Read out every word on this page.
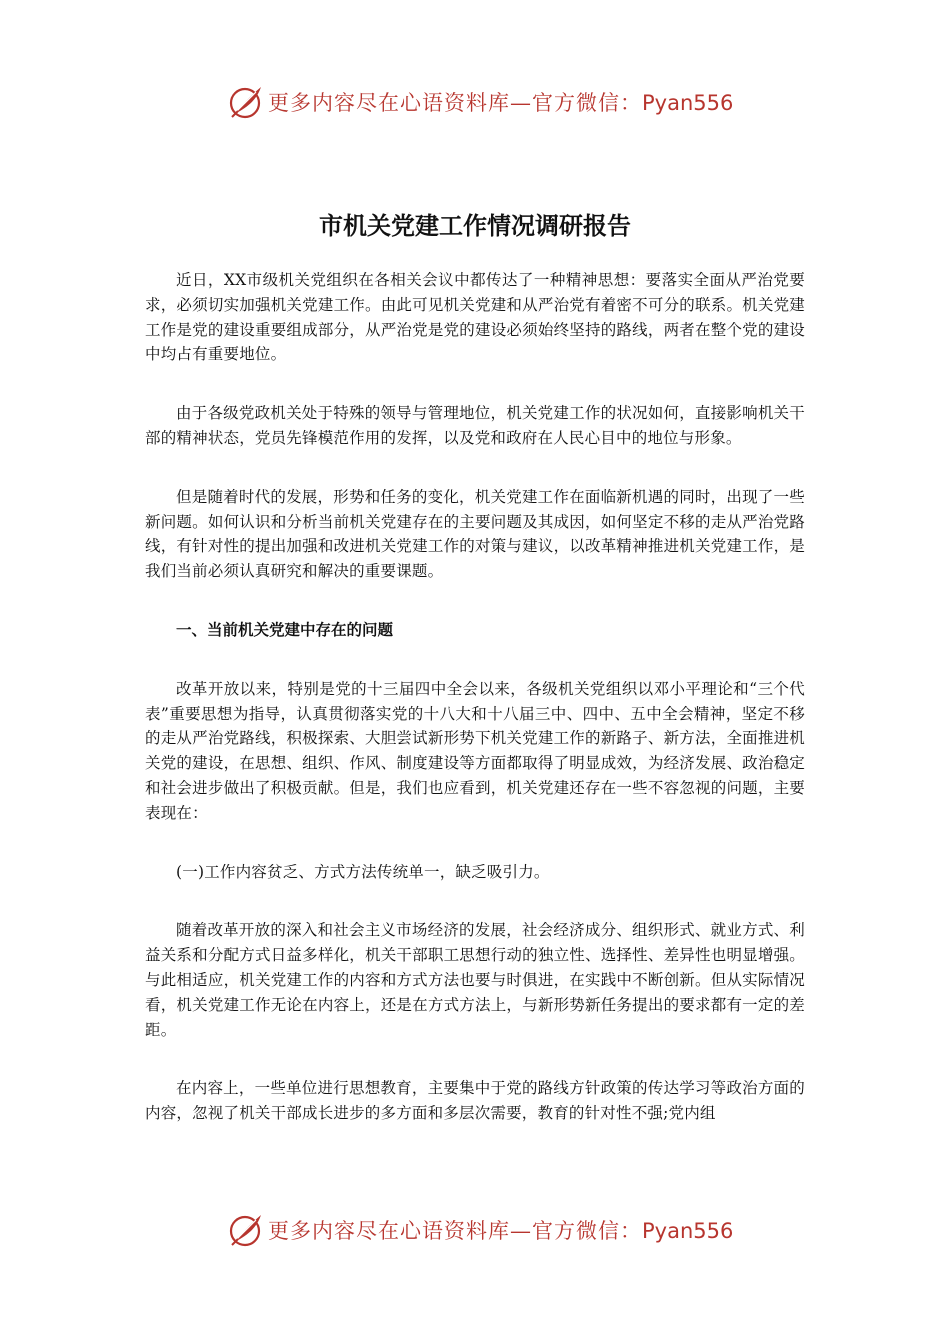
更多内容尽在心语资料库—官方微信：Pyan556
市机关党建工作情况调研报告

近日，XX市级机关党组织在各相关会议中都传达了一种精神思想：要落实全面从严治党要求，必须切实加强机关党建工作。由此可见机关党建和从严治党有着密不可分的联系。机关党建工作是党的建设重要组成部分，从严治党是党的建设必须始终坚持的路线，两者在整个党的建设中均占有重要地位。

由于各级党政机关处于特殊的领导与管理地位，机关党建工作的状况如何，直接影响机关干部的精神状态，党员先锋模范作用的发挥，以及党和政府在人民心目中的地位与形象。

但是随着时代的发展，形势和任务的变化，机关党建工作在面临新机遇的同时，出现了一些新问题。如何认识和分析当前机关党建存在的主要问题及其成因，如何坚定不移的走从严治党路线，有针对性的提出加强和改进机关党建工作的对策与建议，以改革精神推进机关党建工作，是我们当前必须认真研究和解决的重要课题。

一、当前机关党建中存在的问题

改革开放以来，特别是党的十三届四中全会以来，各级机关党组织以邓小平理论和“三个代表”重要思想为指导，认真贯彻落实党的十八大和十八届三中、四中、五中全会精神，坚定不移的走从严治党路线，积极探索、大胆尝试新形势下机关党建工作的新路子、新方法，全面推进机关党的建设，在思想、组织、作风、制度建设等方面都取得了明显成效，为经济发展、政治稳定和社会进步做出了积极贡献。但是，我们也应看到，机关党建还存在一些不容忽视的问题，主要表现在：

(一)工作内容贫乏、方式方法传统单一，缺乏吸引力。

随着改革开放的深入和社会主义市场经济的发展，社会经济成分、组织形式、就业方式、利益关系和分配方式日益多样化，机关干部职工思想行动的独立性、选择性、差异性也明显增强。与此相适应，机关党建工作的内容和方式方法也要与时俱进，在实践中不断创新。但从实际情况看，机关党建工作无论在内容上，还是在方式方法上，与新形势新任务提出的要求都有一定的差距。

在内容上，一些单位进行思想教育，主要集中于党的路线方针政策的传达学习等政治方面的内容，忽视了机关干部成长进步的多方面和多层次需要，教育的针对性不强;党内组

更多内容尽在心语资料库—官方微信：Pyan556
